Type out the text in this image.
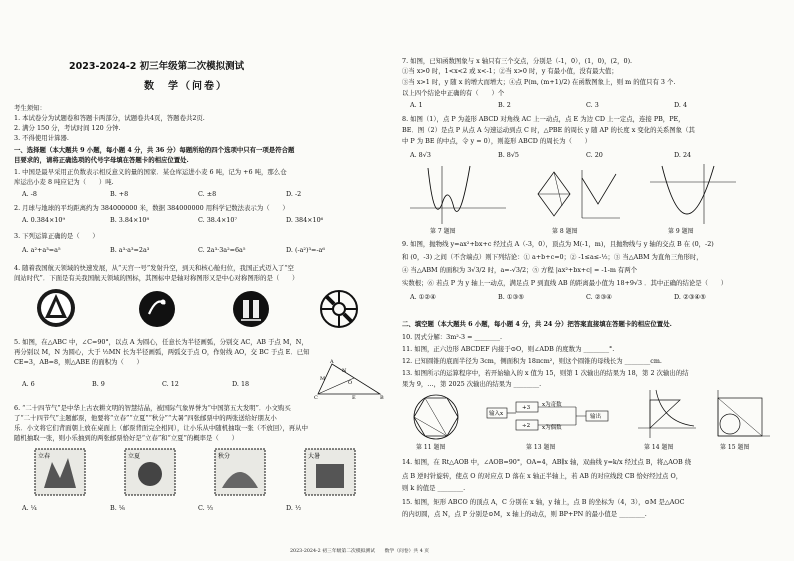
2023-2024-2 初三年级第二次模拟测试
数　学（问卷）
考生须知：
1. 本试卷分为试题卷和答题卡两部分，试题卷共4页，答题卷共2页.
2. 满分 150 分，考试时间 120 分钟.
3. 不得使用计算器.
一、选择题（本大题共 9 小题，每小题 4 分，共 36 分）每题所给的四个选项中只有一项是符合题
目要求的，请将正确选项的代号字母填在答题卡的相应位置处.
1. 中国是最早采用正负数表示相反意义的量的国家．某仓库运进小麦 6 吨，记为 +6 吨，那么仓
库运出小麦 8 吨应记为（　　）吨.
A. -8	B. +8	C. ±8	D. -2
2. 月球与地球的平均距离约为 384000000 米，数据 384000000 用科学记数法表示为（　　）
A. 0.384×10⁹	B. 3.84×10⁸	C. 38.4×10⁷	D. 384×10⁶
3. 下列运算正确的是（　　）
A. a²+a³=a⁵	B. a³·a³=2a³	C. 2a³·3a²=6a⁵	D. (-a²)³=-a⁶
4. 随着我国航天领域的快速发展，从“天宫一号”发射升空，到天和核心舱归位，我国正式迈入了“空
间站时代”．下面是有关我国航天领域的图标，其图标中是轴对称图形又是中心对称图形的是（　　）
5. 如图，在△ABC 中，∠C=90°，以点 A 为圆心，任意长为半径画弧，分别交 AC，AB 于点 M，N，
再分别以 M，N 为圆心，大于 ½MN 长为半径画弧，两弧交于点 O，作射线 AO，交 BC 于点 E．已知
CE=3，AB=8，则△ABE 的面积为（　　）
A. 6	B. 9	C. 12	D. 18
A
M
N
O
C	E	B
6. “二十四节气”是中华上古农耕文明的智慧结晶，被国际气象界誉为“中国第五大发明”．小文购买
了“二十四节气”主题邮票，他要将“立春”“立夏”“秋分”“大暑”四张邮票中的两张送给好朋友小
乐．小文将它们背面朝上放在桌面上（邮票背面完全相同），让小乐从中随机抽取一张（不放回），再从中
随机抽取一张，则小乐抽到的两张邮票恰好是“立春”和“立夏”的概率是（　　）
立春	立夏	秋分	大暑
A. ¼	B. ⅙	C. ⅓	D. ½
7. 如图，已知函数图象与 x 轴只有三个交点，分别是（-1，0），(1，0)，(2，0).
①当 x>0 时，1<x<2 或 x<-1；②当 x>0 时，y 有最小值，没有最大值；
③当 x>1 时，y 随 x 的增大而增大；④点 P(m, (m+1)/2) 在函数图象上，则 m 的值只有 3 个.
以上四个结论中正确的有（　　）个
A. 1	B. 2	C. 3	D. 4
8. 如图（1），点 P 为菱形 ABCD 对角线 AC 上一动点，点 E 为边 CD 上一定点，连接 PB，PE，
BE．图（2）是点 P 从点 A 匀速运动到点 C 时，△PBE 的周长 y 随 AP 的长度 x 变化的关系图象（其
中 P 为 BE 的中点，令 y = 0），则菱形 ABCD 的周长为（　　）
A. 8√3	B. 8√5	C. 20	D. 24
第 7 题图	第 8 题图	第 9 题图
9. 如图，抛物线 y=ax²+bx+c 经过点 A（-3，0），顶点为 M(-1，m)，且抛物线与 y 轴的交点 B 在 (0，-2)
和 (0，-3) 之间（不含端点）则下列结论：① a+b+c=0；② -1≤a≤-½；③ 当△ABM 为直角三角形时，
④ 当△ABM 的面积为 3√3/2 时，a=-√3/2；⑤ 方程 |ax²+bx+c| = -1-m 有两个
实数根；⑥ 若点 P 为 y 轴上一动点，满足点 P 到直线 AB 的距离最小值为 18+9√3 ．其中正确的结论是（　　）
A. ①②④	B. ①③⑤	C. ②③④	D. ②③④⑤
二、填空题（本大题共 6 小题，每小题 4 分，共 24 分）把答案直接填在答题卡的相应位置处.
10. 因式分解：3m²-3 = ________.
11. 如图，正六边形 ABCDEF 内接于⊙O，则∠ADB 的度数为 ________°.
12. 已知圆锥的底面半径为 3cm，侧面积为 18πcm²，则这个圆锥的母线长为 ________cm.
13. 如图所示的运算程序中，若开始输入的 x 值为 15，则第 1 次输出的结果为 18，第 2 次输出的结
果为 9，…，第 2025 次输出的结果为 ________.
输入x
+3
÷2
x为奇数
x为偶数
输出
第 11 题图	第 13 题图	第 14 题图	第 15 题图
14. 如图，在 Rt△AOB 中，∠AOB=90°，OA=4，AB∥x 轴，双曲线 y=k/x 经过点 B，将△AOB 绕
点 B 逆时针旋转，使点 O 的对应点 D 落在 x 轴正半轴上，若 AB 的对应线段 CB 恰好经过点 O，
则 k 的值是 ________.
15. 如图，矩形 ABCO 的顶点 A，C 分别在 x 轴，y 轴上，点 B 的坐标为（4，3），⊙M 是△AOC
的内切圆，点 N，点 P 分别是⊙M，x 轴上的动点，则 BP+PN 的最小值是 ________.
2023-2024-2 初三年级第二次模拟测试　　数学（问卷）共 4 页
